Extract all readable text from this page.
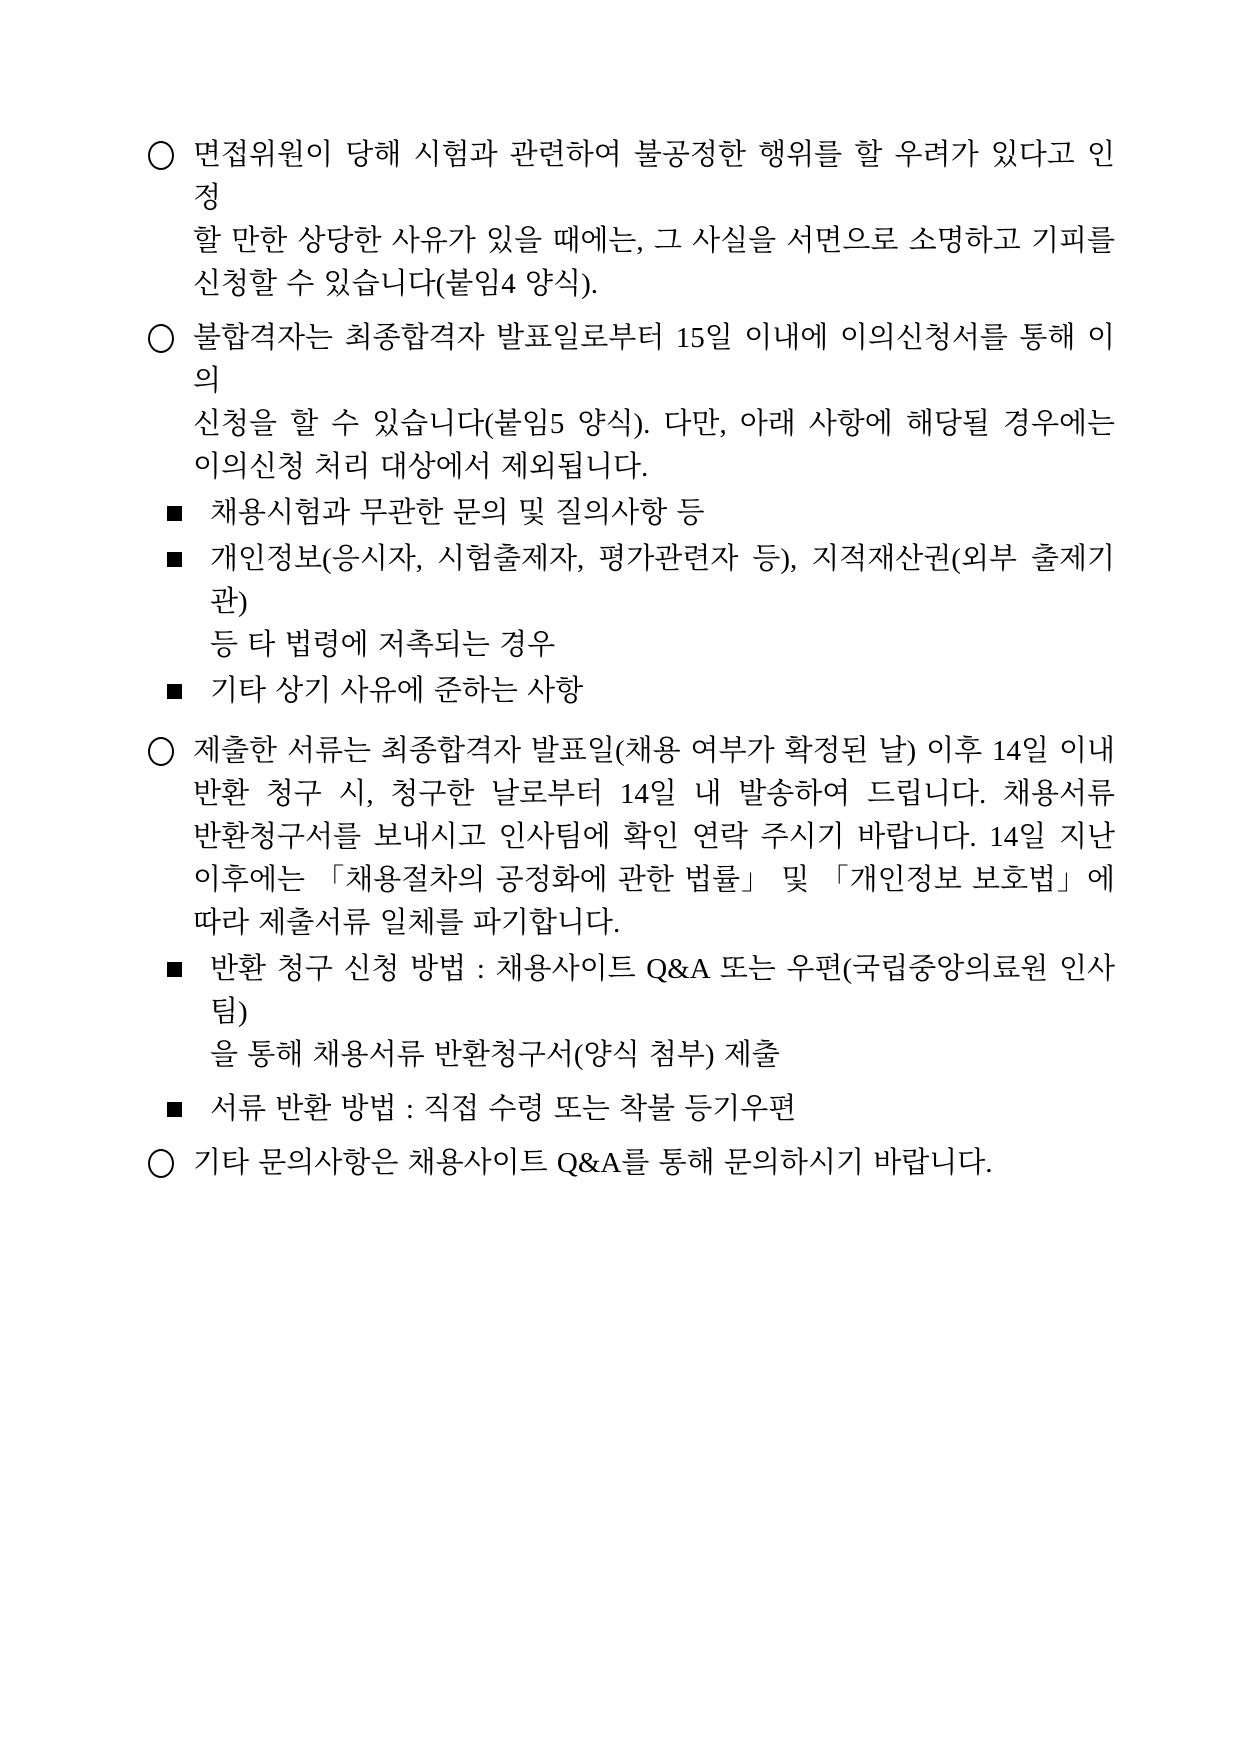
면접위원이 당해 시험과 관련하여 불공정한 행위를 할 우려가 있다고 인정
할 만한 상당한 사유가 있을 때에는, 그 사실을 서면으로 소명하고 기피를
신청할 수 있습니다(붙임4 양식).
불합격자는 최종합격자 발표일로부터 15일 이내에 이의신청서를 통해 이의
신청을 할 수 있습니다(붙임5 양식). 다만, 아래 사항에 해당될 경우에는
이의신청 처리 대상에서 제외됩니다.
채용시험과 무관한 문의 및 질의사항 등
개인정보(응시자, 시험출제자, 평가관련자 등), 지적재산권(외부 출제기관)
등 타 법령에 저촉되는 경우
기타 상기 사유에 준하는 사항
제출한 서류는 최종합격자 발표일(채용 여부가 확정된 날) 이후 14일 이내
반환 청구 시, 청구한 날로부터 14일 내 발송하여 드립니다. 채용서류
반환청구서를 보내시고 인사팀에 확인 연락 주시기 바랍니다. 14일 지난
이후에는 「채용절차의 공정화에 관한 법률」 및 「개인정보 보호법」에
따라 제출서류 일체를 파기합니다.
반환 청구 신청 방법 : 채용사이트 Q&A 또는 우편(국립중앙의료원 인사팀)
을 통해 채용서류 반환청구서(양식 첨부) 제출
서류 반환 방법 : 직접 수령 또는 착불 등기우편
기타 문의사항은 채용사이트 Q&A를 통해 문의하시기 바랍니다.
